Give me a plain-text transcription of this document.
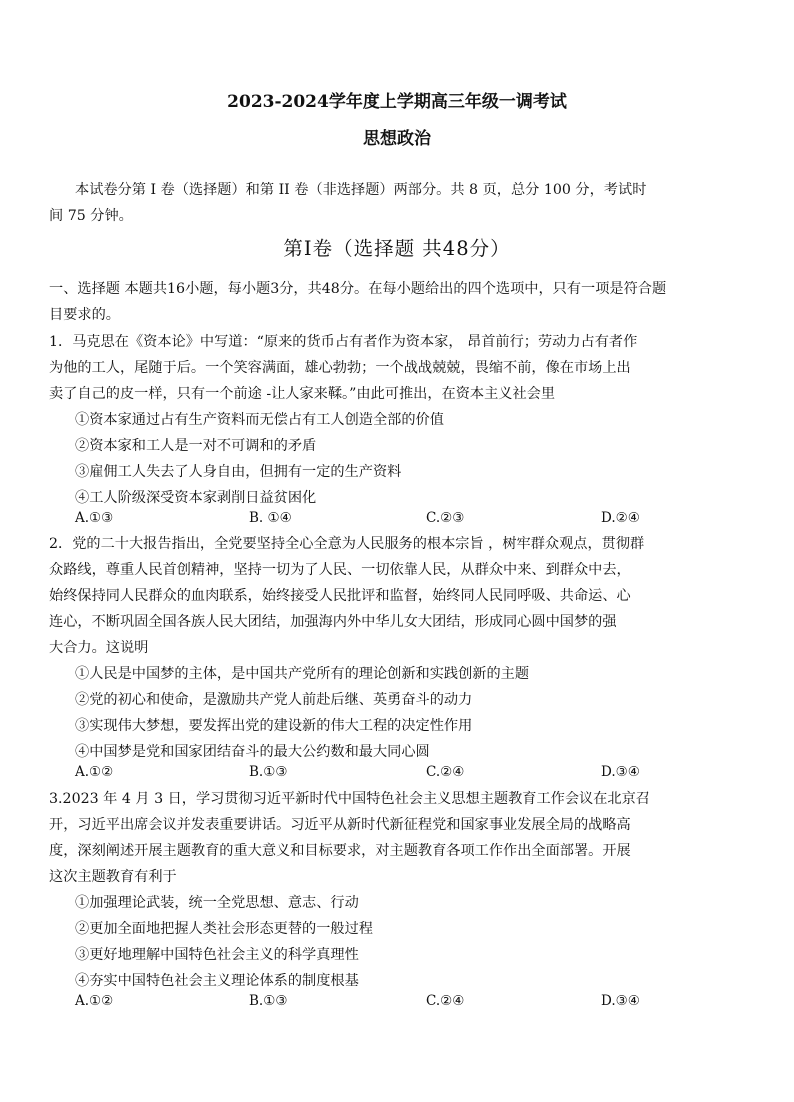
2023-2024学年度上学期高三年级一调考试
思想政治
本试卷分第 I 卷（选择题）和第 II 卷（非选择题）两部分。共 8 页，总分 100 分，考试时
间 75 分钟。
第I卷（选择题 共48分）
一、选择题 本题共16小题，每小题3分，共48分。在每小题给出的四个选项中，只有一项是符合题
目要求的。
1．马克思在《资本论》中写道：“原来的货币占有者作为资本家， 昂首前行；劳动力占有者作
为他的工人，尾随于后。一个笑容满面，雄心勃勃；一个战战兢兢，畏缩不前，像在市场上出
卖了自己的皮一样，只有一个前途 -让人家来鞣。”由此可推出，在资本主义社会里
①资本家通过占有生产资料而无偿占有工人创造全部的价值
②资本家和工人是一对不可调和的矛盾
③雇佣工人失去了人身自由，但拥有一定的生产资料
④工人阶级深受资本家剥削日益贫困化
A.①③	B. ①④	C.②③	D.②④
2．党的二十大报告指出，全党要坚持全心全意为人民服务的根本宗旨 ，树牢群众观点，贯彻群
众路线，尊重人民首创精神，坚持一切为了人民、一切依靠人民，从群众中来、到群众中去，
始终保持同人民群众的血肉联系，始终接受人民批评和监督，始终同人民同呼吸、共命运、心
连心，不断巩固全国各族人民大团结，加强海内外中华儿女大团结，形成同心圆中国梦的强
大合力。这说明
①人民是中国梦的主体，是中国共产党所有的理论创新和实践创新的主题
②党的初心和使命，是激励共产党人前赴后继、英勇奋斗的动力
③实现伟大梦想，要发挥出党的建设新的伟大工程的决定性作用
④中国梦是党和国家团结奋斗的最大公约数和最大同心圆
A.①②	B.①③	C.②④	D.③④
3.2023 年 4 月 3 日，学习贯彻习近平新时代中国特色社会主义思想主题教育工作会议在北京召
开，习近平出席会议并发表重要讲话。习近平从新时代新征程党和国家事业发展全局的战略高
度，深刻阐述开展主题教育的重大意义和目标要求，对主题教育各项工作作出全面部署。开展
这次主题教育有利于
①加强理论武装，统一全党思想、意志、行动
②更加全面地把握人类社会形态更替的一般过程
③更好地理解中国特色社会主义的科学真理性
④夯实中国特色社会主义理论体系的制度根基
A.①②	B.①③	C.②④	D.③④
